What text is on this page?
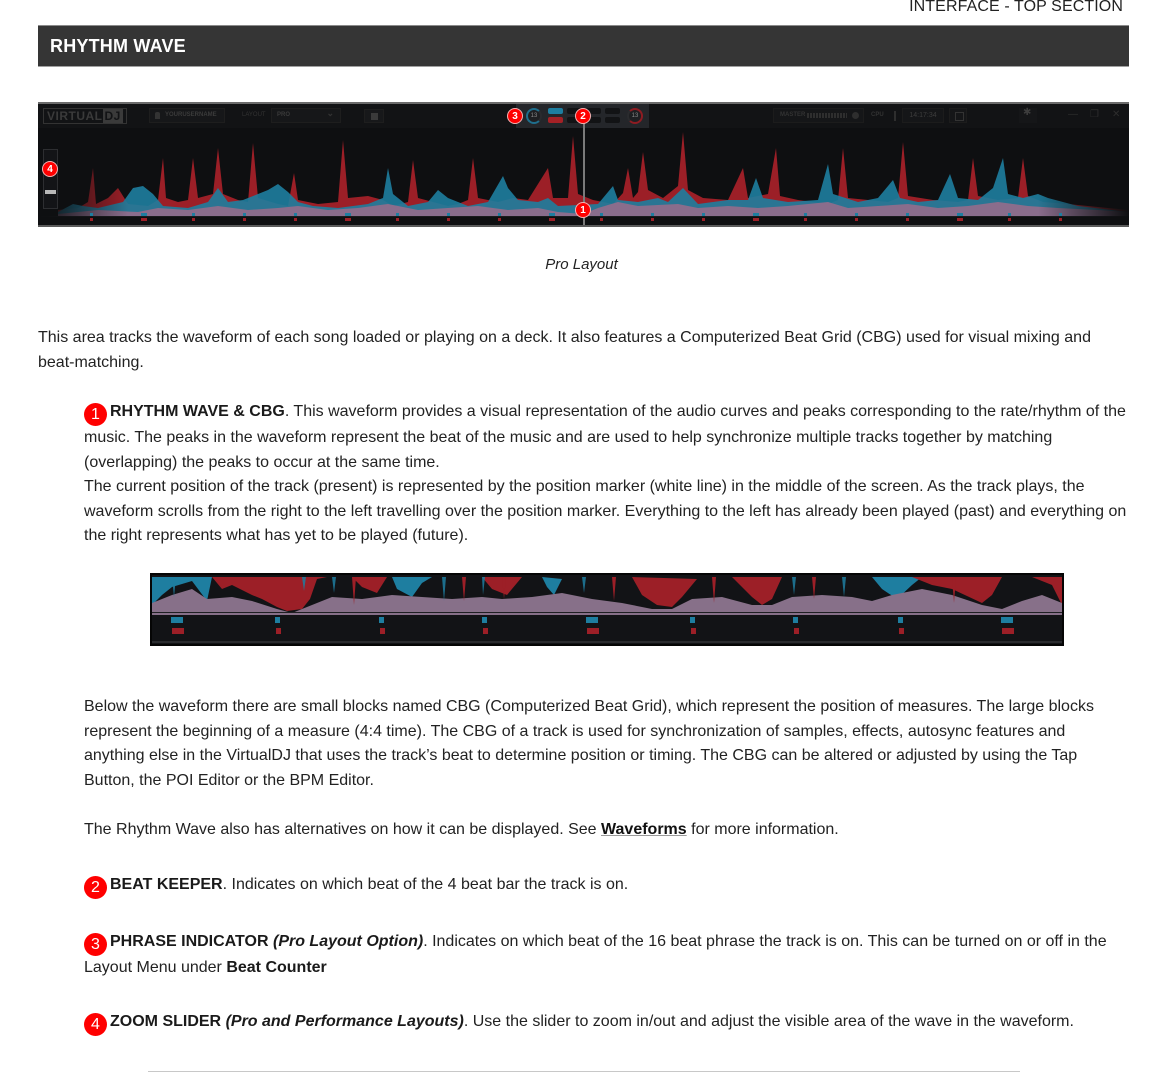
INTERFACE - TOP SECTION
RHYTHM WAVE
VIRTUAL DJ	YOURUSERNAME	LAYOUT	PRO ⌄	13	13	MASTER	CPU	14:17:34 ✱	— ❐ ✕
3	2
1
4
Pro Layout

This area tracks the waveform of each song loaded or playing on a deck. It also features a Computerized Beat Grid (CBG) used for visual mixing and beat-matching.

1 RHYTHM WAVE & CBG. This waveform provides a visual representation of the audio curves and peaks corresponding to the rate/rhythm of the music. The peaks in the waveform represent the beat of the music and are used to help synchronize multiple tracks together by matching (overlapping) the peaks to occur at the same time.
The current position of the track (present) is represented by the position marker (white line) in the middle of the screen. As the track plays, the waveform scrolls from the right to the left travelling over the position marker. Everything to the left has already been played (past) and everything on the right represents what has yet to be played (future).

Below the waveform there are small blocks named CBG (Computerized Beat Grid), which represent the position of measures. The large blocks represent the beginning of a measure (4:4 time). The CBG of a track is used for synchronization of samples, effects, autosync features and anything else in the VirtualDJ that uses the track’s beat to determine position or timing. The CBG can be altered or adjusted by using the Tap Button, the POI Editor or the BPM Editor.

The Rhythm Wave also has alternatives on how it can be displayed. See Waveforms for more information.

2 BEAT KEEPER. Indicates on which beat of the 4 beat bar the track is on.
3 PHRASE INDICATOR (Pro Layout Option). Indicates on which beat of the 16 beat phrase the track is on. This can be turned on or off in the Layout Menu under Beat Counter
4 ZOOM SLIDER (Pro and Performance Layouts). Use the slider to zoom in/out and adjust the visible area of the wave in the waveform.
